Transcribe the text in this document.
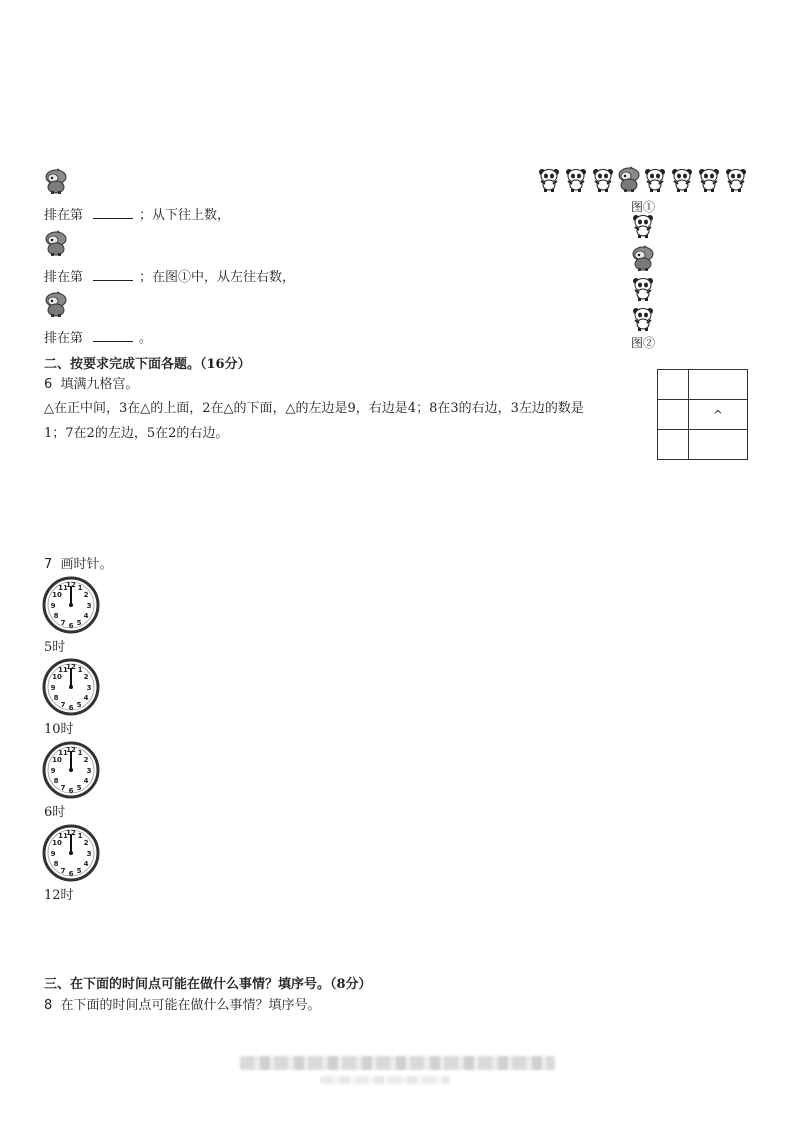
排在第	；从下往上数，
排在第	；在图①中，从左往右数，
排在第	。
图①
图②
二、按要求完成下面各题。（16分）
6 填满九格宫。
△在正中间，3在△的上面，2在△的下面，△的左边是9，右边是4；8在3的右边，3左边的数是
1；7在2的左边，5在2的右边。

	^

7 画时针。
5时
10时
6时
12时
三、在下面的时间点可能在做什么事情？填序号。（8分）
8 在下面的时间点可能在做什么事情？填序号。
